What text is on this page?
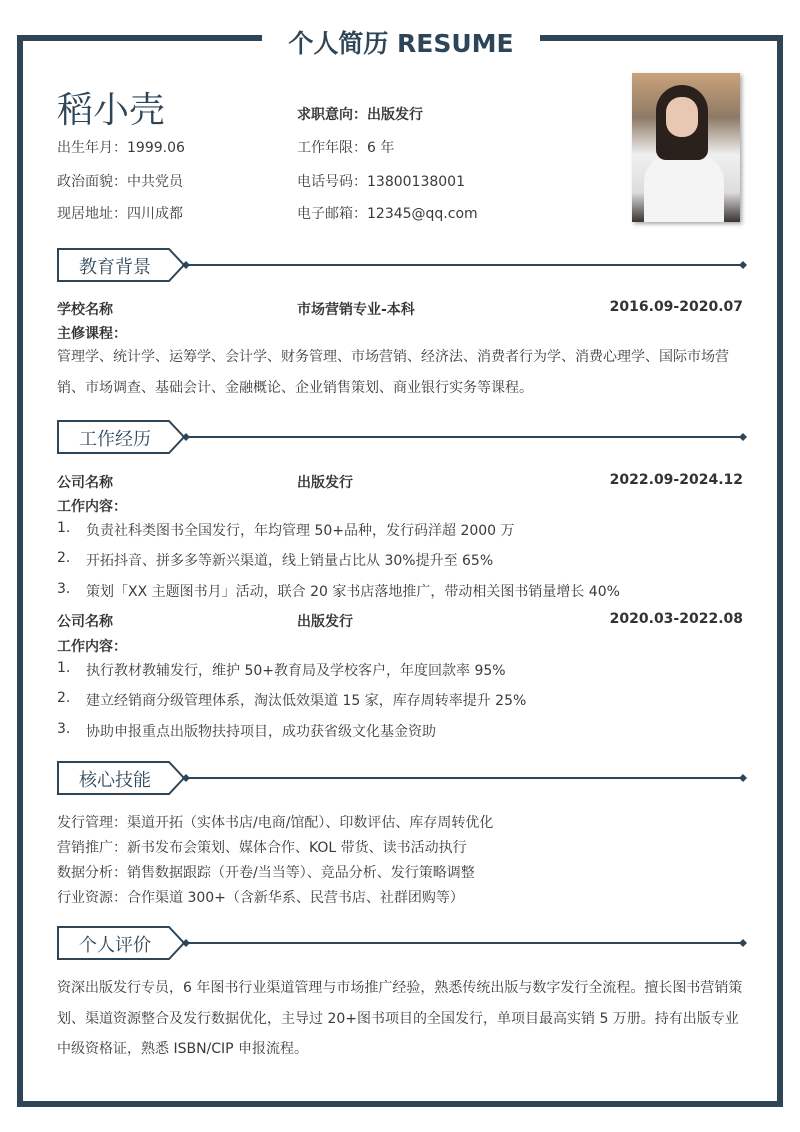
个人简历 RESUME
稻小壳	求职意向：出版发行
出生年月：1999.06	工作年限：6 年
政治面貌：中共党员	电话号码：13800138001
现居地址：四川成都	电子邮箱：12345@qq.com
教育背景
学校名称	市场营销专业-本科	2016.09-2020.07
主修课程：
管理学、统计学、运筹学、会计学、财务管理、市场营销、经济法、消费者行为学、消费心理学、国际市场营销、市场调查、基础会计、金融概论、企业销售策划、商业银行实务等课程。
工作经历
公司名称	出版发行	2022.09-2024.12
工作内容：
1. 负责社科类图书全国发行，年均管理 50+品种，发行码洋超 2000 万
2. 开拓抖音、拼多多等新兴渠道，线上销量占比从 30%提升至 65%
3. 策划「XX 主题图书月」活动，联合 20 家书店落地推广，带动相关图书销量增长 40%
公司名称	出版发行	2020.03-2022.08
工作内容：
1. 执行教材教辅发行，维护 50+教育局及学校客户，年度回款率 95%
2. 建立经销商分级管理体系，淘汰低效渠道 15 家，库存周转率提升 25%
3. 协助申报重点出版物扶持项目，成功获省级文化基金资助
核心技能
发行管理：渠道开拓（实体书店/电商/馆配）、印数评估、库存周转优化
营销推广：新书发布会策划、媒体合作、KOL 带货、读书活动执行
数据分析：销售数据跟踪（开卷/当当等）、竞品分析、发行策略调整
行业资源：合作渠道 300+（含新华系、民营书店、社群团购等）
个人评价
资深出版发行专员，6 年图书行业渠道管理与市场推广经验，熟悉传统出版与数字发行全流程。擅长图书营销策划、渠道资源整合及发行数据优化，主导过 20+图书项目的全国发行，单项目最高实销 5 万册。持有出版专业中级资格证，熟悉 ISBN/CIP 申报流程。
